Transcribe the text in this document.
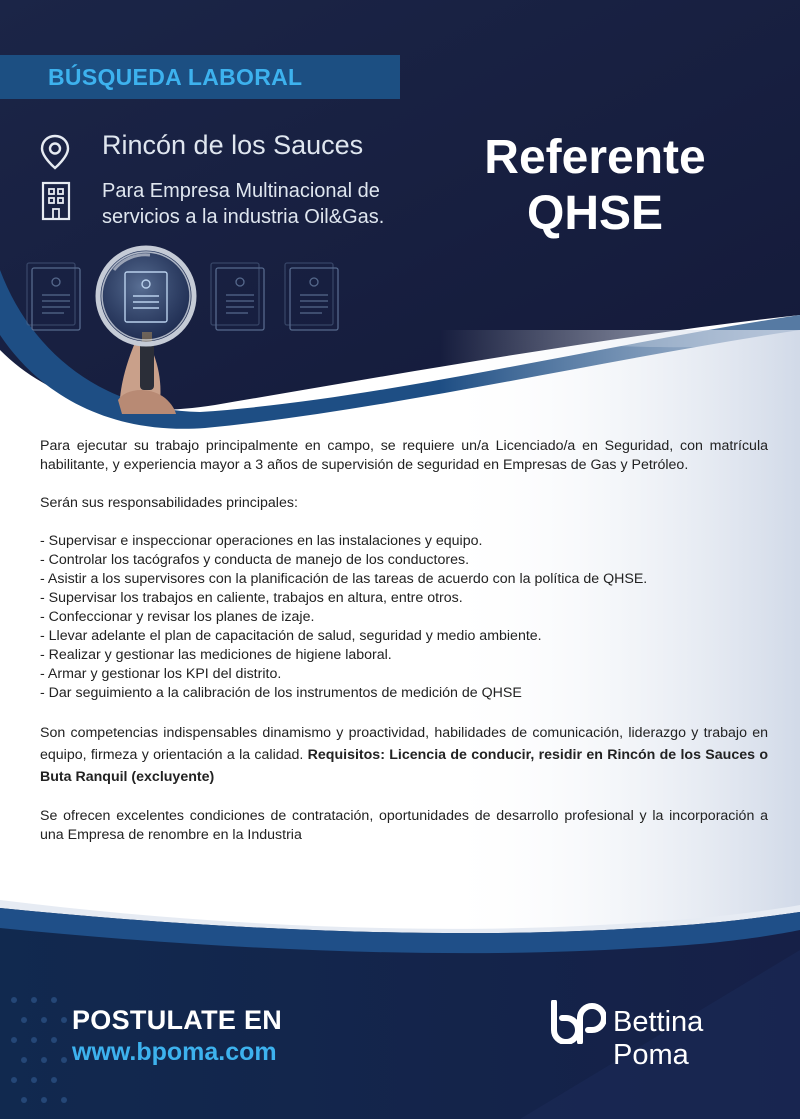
BÚSQUEDA LABORAL
Rincón de los Sauces
Para Empresa Multinacional de servicios a la industria Oil&Gas.
Referente
QHSE

Para ejecutar su trabajo principalmente en campo, se requiere un/a Licenciado/a en Seguridad, con matrícula habilitante, y experiencia mayor a 3 años de supervisión de seguridad en Empresas de Gas y Petróleo.

Serán sus responsabilidades principales:

- Supervisar e inspeccionar operaciones en las instalaciones y equipo.
- Controlar los tacógrafos y conducta de manejo de los conductores.
- Asistir a los supervisores con la planificación de las tareas de acuerdo con la política de QHSE.
- Supervisar los trabajos en caliente, trabajos en altura, entre otros.
- Confeccionar y revisar los planes de izaje.
- Llevar adelante el plan de capacitación de salud, seguridad y medio ambiente.
- Realizar y gestionar las mediciones de higiene laboral.
- Armar y gestionar los KPI del distrito.
- Dar seguimiento a la calibración de los instrumentos de medición de QHSE

Son competencias indispensables dinamismo y proactividad, habilidades de comunicación, liderazgo y trabajo en equipo, firmeza y orientación a la calidad. Requisitos: Licencia de conducir, residir en Rincón de los Sauces o Buta Ranquil (excluyente)

Se ofrecen excelentes condiciones de contratación, oportunidades de desarrollo profesional y la incorporación a una Empresa de renombre en la Industria

POSTULATE EN
www.bpoma.com
Bettina
Poma
